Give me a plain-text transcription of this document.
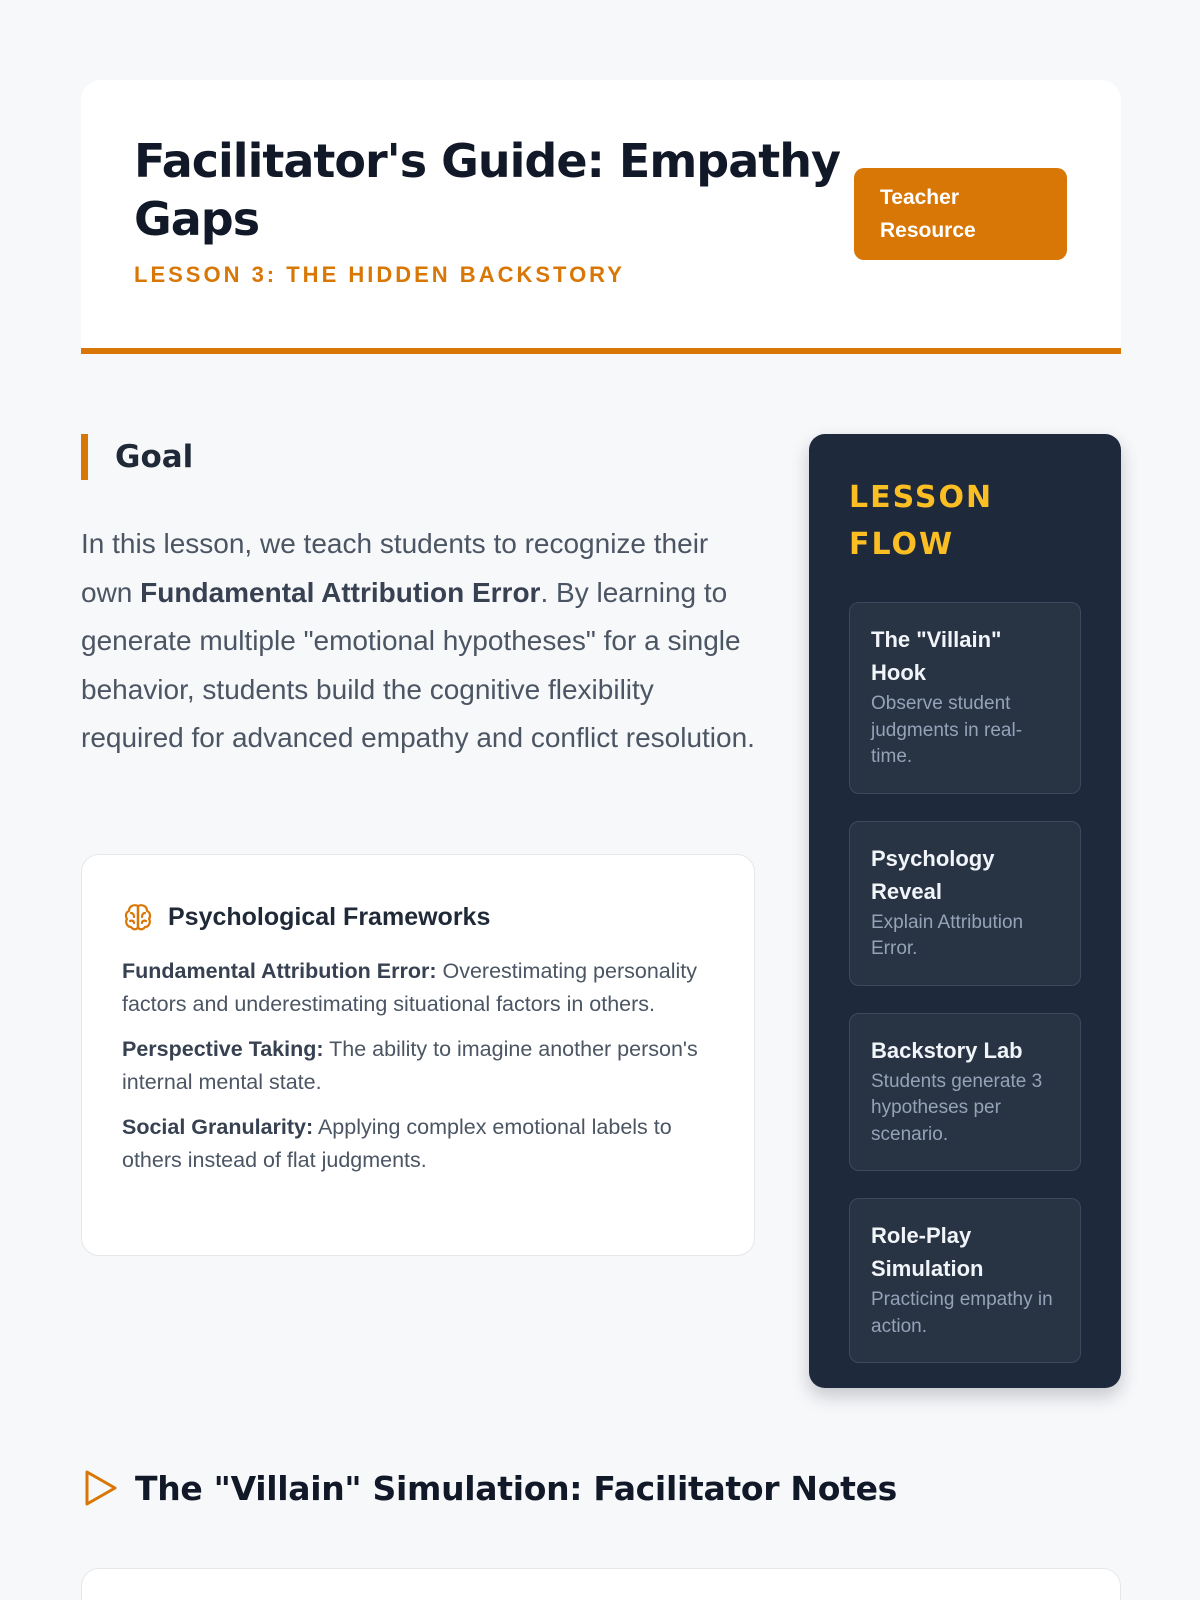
Facilitator's Guide: Empathy Gaps
LESSON 3: THE HIDDEN BACKSTORY
Teacher Resource
Goal

In this lesson, we teach students to recognize their own Fundamental Attribution Error. By learning to generate multiple "emotional hypotheses" for a single behavior, students build the cognitive flexibility required for advanced empathy and conflict resolution.

Psychological Frameworks

Fundamental Attribution Error: Overestimating personality factors and underestimating situational factors in others.

Perspective Taking: The ability to imagine another person's internal mental state.

Social Granularity: Applying complex emotional labels to others instead of flat judgments.

LESSON FLOW
The "Villain" Hook
Observe student judgments in real-time.
Psychology Reveal
Explain Attribution Error.
Backstory Lab
Students generate 3 hypotheses per scenario.
Role-Play Simulation
Practicing empathy in action.
The "Villain" Simulation: Facilitator Notes
